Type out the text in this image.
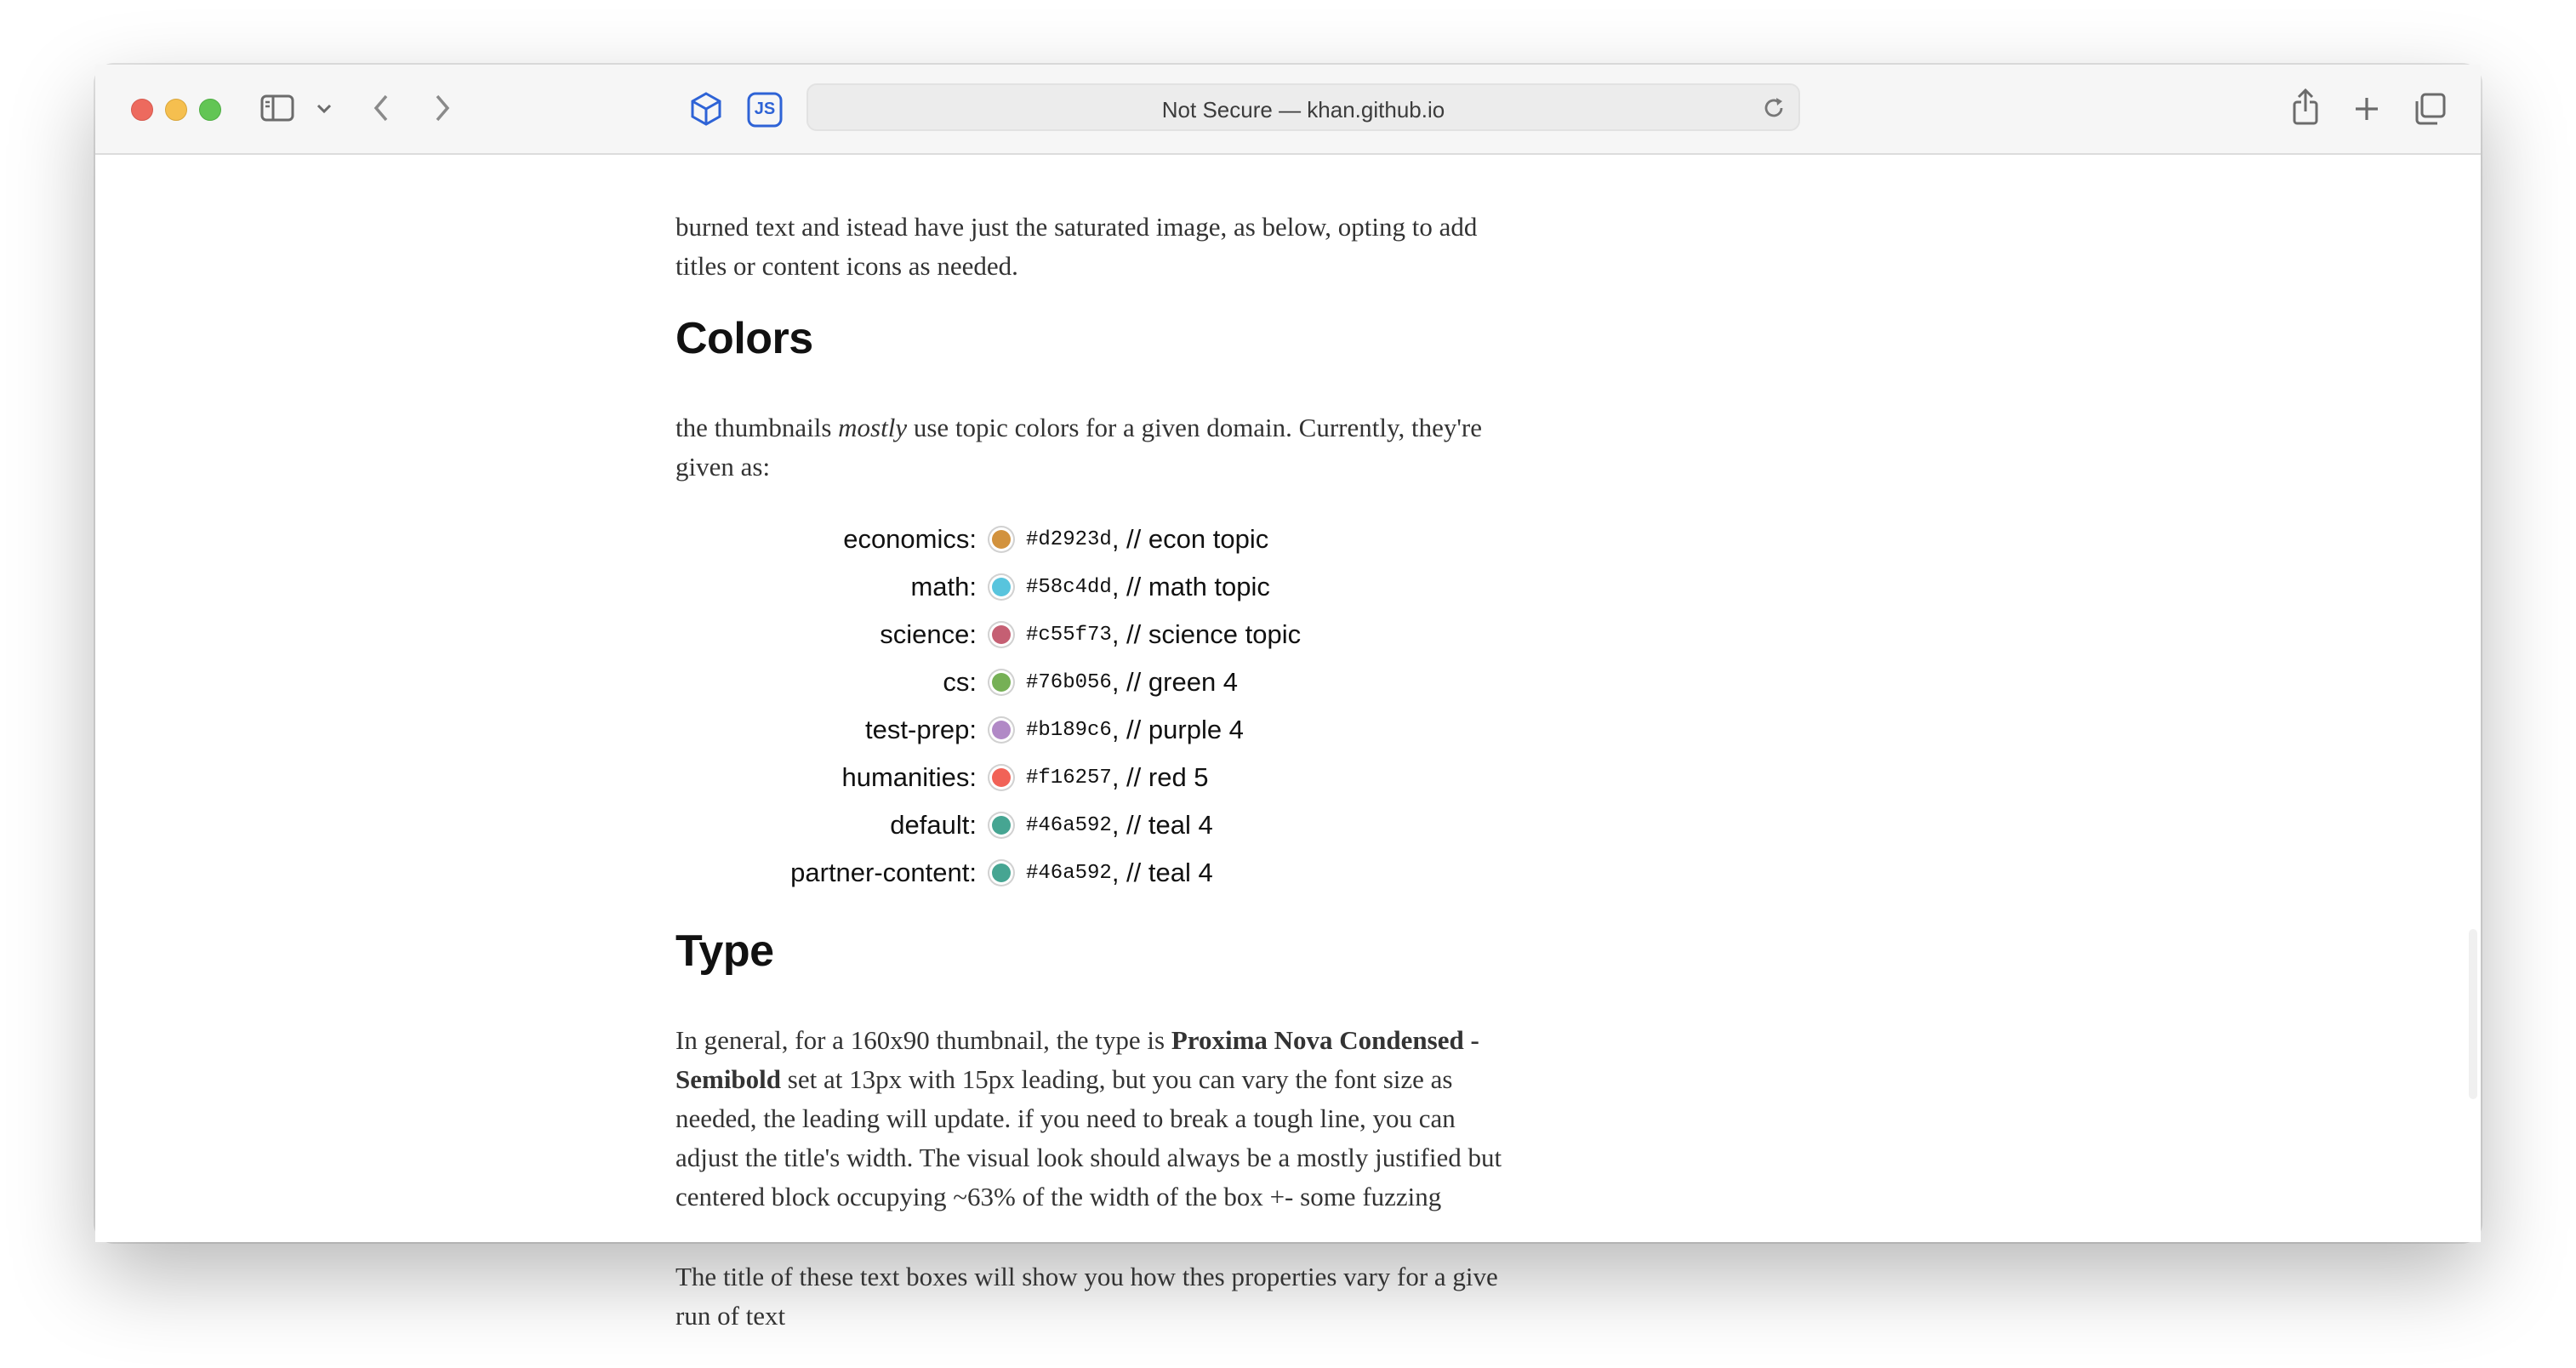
JS	Not Secure — khan.github.io

burned text and istead have just the saturated image, as below, opting to add

titles or content icons as needed.

Colors

the thumbnails mostly use topic colors for a given domain. Currently, they're

given as:

economics: #d2923d , // econ topic
math: #58c4dd , // math topic
science: #c55f73 , // science topic
cs: #76b056 , // green 4
test-prep: #b189c6 , // purple 4
humanities: #f16257 , // red 5
default: #46a592 , // teal 4
partner-content: #46a592 , // teal 4
Type

In general, for a 160x90 thumbnail, the type is Proxima Nova Condensed -

Semibold set at 13px with 15px leading, but you can vary the font size as

needed, the leading will update. if you need to break a tough line, you can

adjust the title's width. The visual look should always be a mostly justified but

centered block occupying ~63% of the width of the box +- some fuzzing

The title of these text boxes will show you how thes properties vary for a give

run of text
